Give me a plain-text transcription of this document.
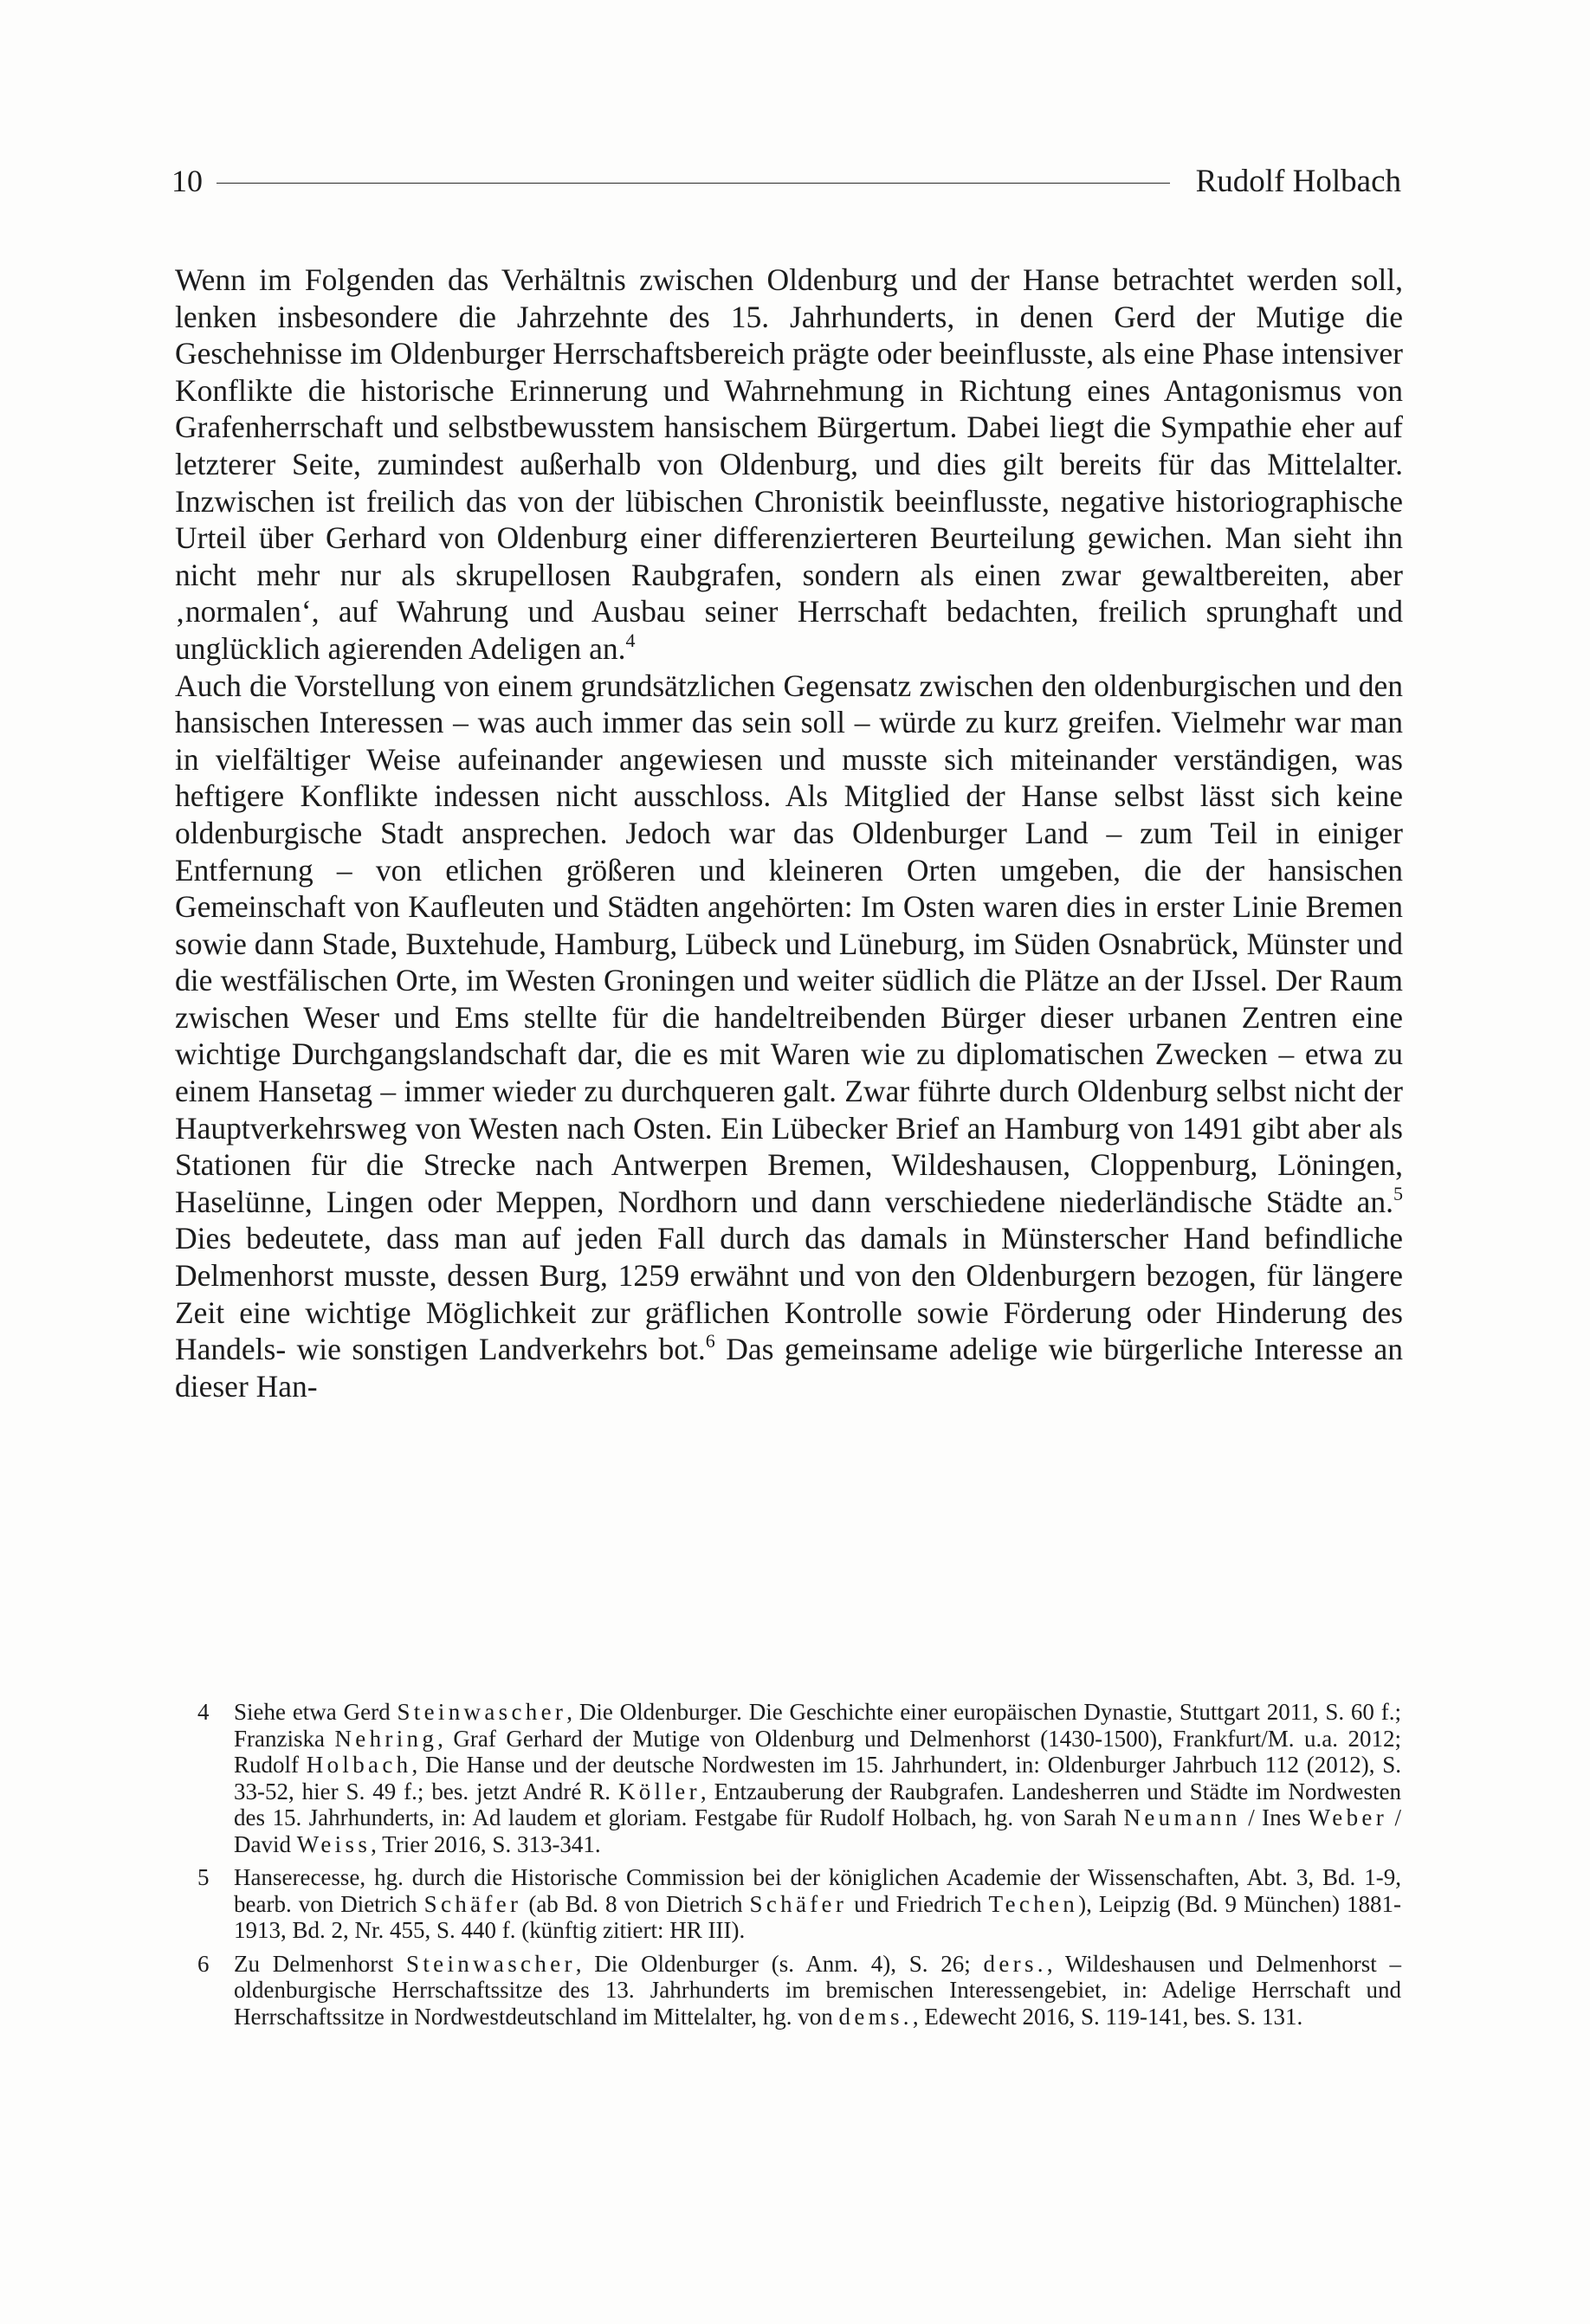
10	Rudolf Holbach

Wenn im Folgenden das Verhältnis zwischen Oldenburg und der Hanse betrachtet werden soll, lenken insbesondere die Jahrzehnte des 15. Jahrhunderts, in denen Gerd der Mutige die Geschehnisse im Oldenburger Herrschaftsbereich prägte oder beeinflusste, als eine Phase intensiver Konflikte die historische Erinnerung und Wahrnehmung in Richtung eines Antagonismus von Grafenherrschaft und selbstbewusstem hansischem Bürgertum. Dabei liegt die Sympathie eher auf letzterer Seite, zumindest außerhalb von Oldenburg, und dies gilt bereits für das Mittelalter. Inzwischen ist freilich das von der lübischen Chronistik beeinflusste, negative historiographische Urteil über Gerhard von Oldenburg einer differenzierteren Beurteilung gewichen. Man sieht ihn nicht mehr nur als skrupellosen Raubgrafen, sondern als einen zwar gewaltbereiten, aber ‚normalen‘, auf Wahrung und Ausbau seiner Herrschaft bedachten, freilich sprunghaft und unglücklich agierenden Adeligen an.$^4$

Auch die Vorstellung von einem grundsätzlichen Gegensatz zwischen den oldenburgischen und den hansischen Interessen – was auch immer das sein soll – würde zu kurz greifen. Vielmehr war man in vielfältiger Weise aufeinander angewiesen und musste sich miteinander verständigen, was heftigere Konflikte indessen nicht ausschloss. Als Mitglied der Hanse selbst lässt sich keine oldenburgische Stadt ansprechen. Jedoch war das Oldenburger Land – zum Teil in einiger Entfernung – von etlichen größeren und kleineren Orten umgeben, die der hansischen Gemeinschaft von Kaufleuten und Städten angehörten: Im Osten waren dies in erster Linie Bremen sowie dann Stade, Buxtehude, Hamburg, Lübeck und Lüneburg, im Süden Osnabrück, Münster und die westfälischen Orte, im Westen Groningen und weiter südlich die Plätze an der IJssel. Der Raum zwischen Weser und Ems stellte für die handeltreibenden Bürger dieser urbanen Zentren eine wichtige Durchgangslandschaft dar, die es mit Waren wie zu diplomatischen Zwecken – etwa zu einem Hansetag – immer wieder zu durchqueren galt. Zwar führte durch Oldenburg selbst nicht der Hauptverkehrsweg von Westen nach Osten. Ein Lübecker Brief an Hamburg von 1491 gibt aber als Stationen für die Strecke nach Antwerpen Bremen, Wildeshausen, Cloppenburg, Löningen, Haselünne, Lingen oder Meppen, Nordhorn und dann verschiedene niederländische Städte an.$^5$ Dies bedeutete, dass man auf jeden Fall durch das damals in Münsterscher Hand befindliche Delmenhorst musste, dessen Burg, 1259 erwähnt und von den Oldenburgern bezogen, für längere Zeit eine wichtige Möglichkeit zur gräflichen Kontrolle sowie Förderung oder Hinderung des Handels- wie sonstigen Landverkehrs bot.$^6$ Das gemeinsame adelige wie bürgerliche Interesse an dieser Han-

4	Siehe etwa Gerd Steinwascher, Die Oldenburger. Die Geschichte einer europäischen Dynastie, Stuttgart 2011, S. 60 f.; Franziska Nehring, Graf Gerhard der Mutige von Oldenburg und Delmenhorst (1430-1500), Frankfurt/M. u.a. 2012; Rudolf Holbach, Die Hanse und der deutsche Nordwesten im 15. Jahrhundert, in: Oldenburger Jahrbuch 112 (2012), S. 33-52, hier S. 49 f.; bes. jetzt André R. Köller, Entzauberung der Raubgrafen. Landesherren und Städte im Nordwesten des 15. Jahrhunderts, in: Ad laudem et gloriam. Festgabe für Rudolf Holbach, hg. von Sarah Neumann / Ines Weber / David Weiss, Trier 2016, S. 313-341.
5	Hanserecesse, hg. durch die Historische Commission bei der königlichen Academie der Wissenschaften, Abt. 3, Bd. 1-9, bearb. von Dietrich Schäfer (ab Bd. 8 von Dietrich Schäfer und Friedrich Techen), Leipzig (Bd. 9 München) 1881-1913, Bd. 2, Nr. 455, S. 440 f. (künftig zitiert: HR III).
6	Zu Delmenhorst Steinwascher, Die Oldenburger (s. Anm. 4), S. 26; ders., Wildeshausen und Delmenhorst – oldenburgische Herrschaftssitze des 13. Jahrhunderts im bremischen Interessengebiet, in: Adelige Herrschaft und Herrschaftssitze in Nordwestdeutschland im Mittelalter, hg. von dems., Edewecht 2016, S. 119-141, bes. S. 131.
